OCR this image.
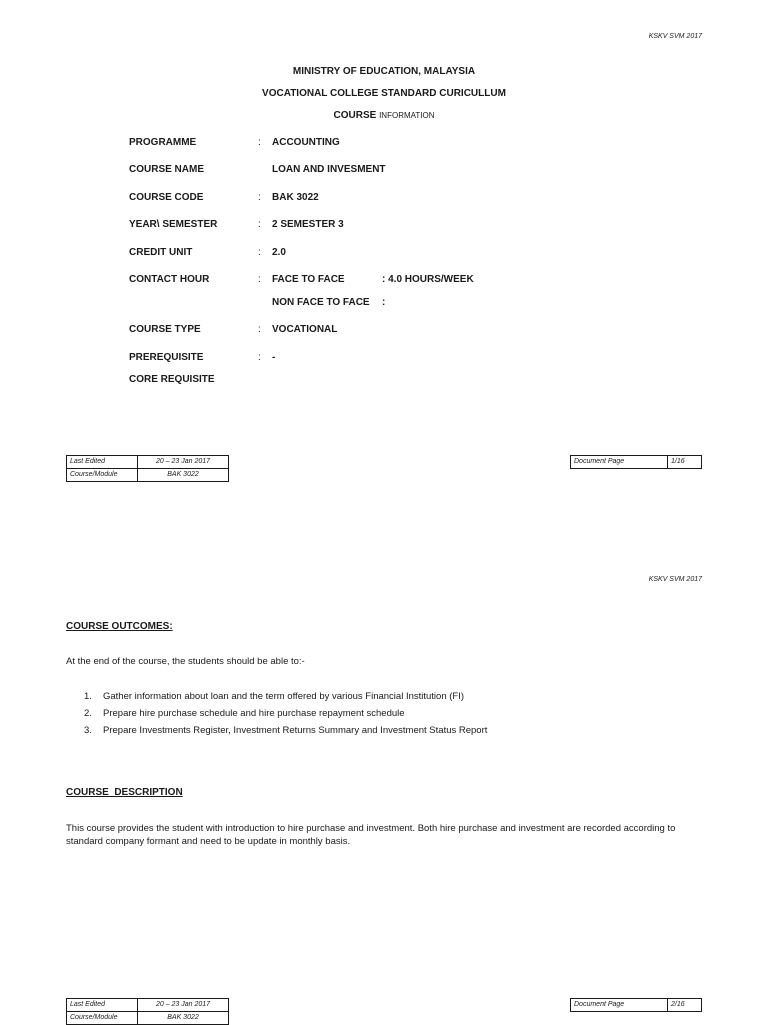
KSKV SVM 2017
MINISTRY OF EDUCATION, MALAYSIA
VOCATIONAL COLLEGE STANDARD CURICULLUM
COURSE INFORMATION
PROGRAMME	: ACCOUNTING
COURSE NAME	LOAN AND INVESMENT
COURSE CODE	: BAK 3022
YEAR\ SEMESTER	: 2 SEMESTER 3
CREDIT UNIT	: 2.0
CONTACT HOUR	: FACE TO FACE	: 4.0 HOURS/WEEK
NON FACE TO FACE :
COURSE TYPE	: VOCATIONAL
PREREQUISITE	: -
CORE REQUISITE
Last Edited	20 – 23 Jan 2017
Course/Module	BAK 3022
Document Page	1/16
KSKV SVM 2017
COURSE OUTCOMES:
At the end of the course, the students should be able to:-
1. Gather information about loan and the term offered by various Financial Institution (FI)
2. Prepare hire purchase schedule and hire purchase repayment schedule
3. Prepare Investments Register, Investment Returns Summary and Investment Status Report
COURSE  DESCRIPTION
This course provides the student with introduction to hire purchase and investment. Both hire purchase and investment are recorded according to standard company formant and need to be update in monthly basis.
Last Edited	20 – 23 Jan 2017
Course/Module	BAK 3022
Document Page	2/16
